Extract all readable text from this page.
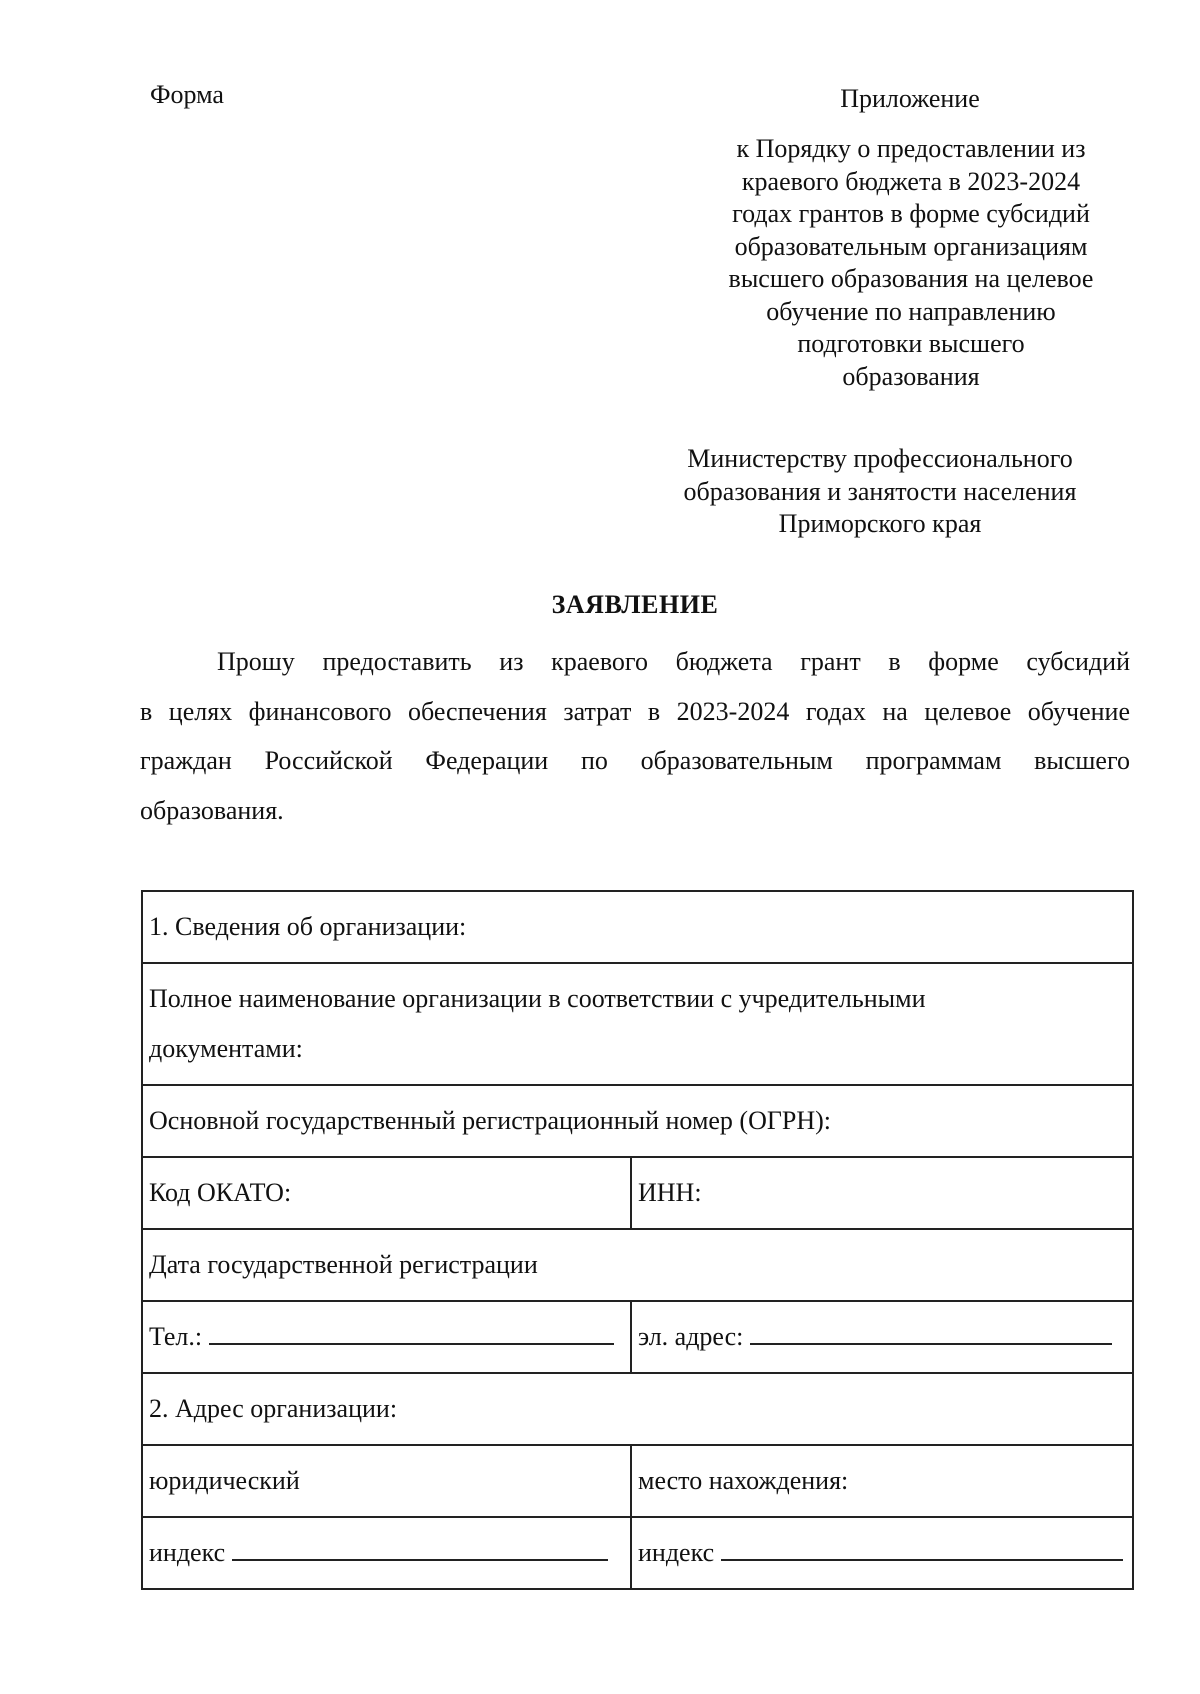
Форма	Приложение
к Порядку о предоставлении из
краевого бюджета в 2023-2024
годах грантов в форме субсидий
образовательным организациям
высшего образования на целевое
обучение по направлению
подготовки высшего
образования
Министерству профессионального
образования и занятости населения
Приморского края
ЗАЯВЛЕНИЕ
Прошу предоставить из краевого бюджета грант в форме субсидий
в целях финансового обеспечения затрат в 2023-2024 годах на целевое обучение
граждан Российской Федерации по образовательным программам высшего
образования.
1. Сведения об организации:	

Полное наименование организации в соответствии с учредительными
документами:	

Основной государственный регистрационный номер (ОГРН):	
Код ОКАТО:	ИНН:
Дата государственной регистрации	
Тел.:	эл. адрес:
2. Адрес организации:	
юридический	место нахождения:
индекс	индекс
